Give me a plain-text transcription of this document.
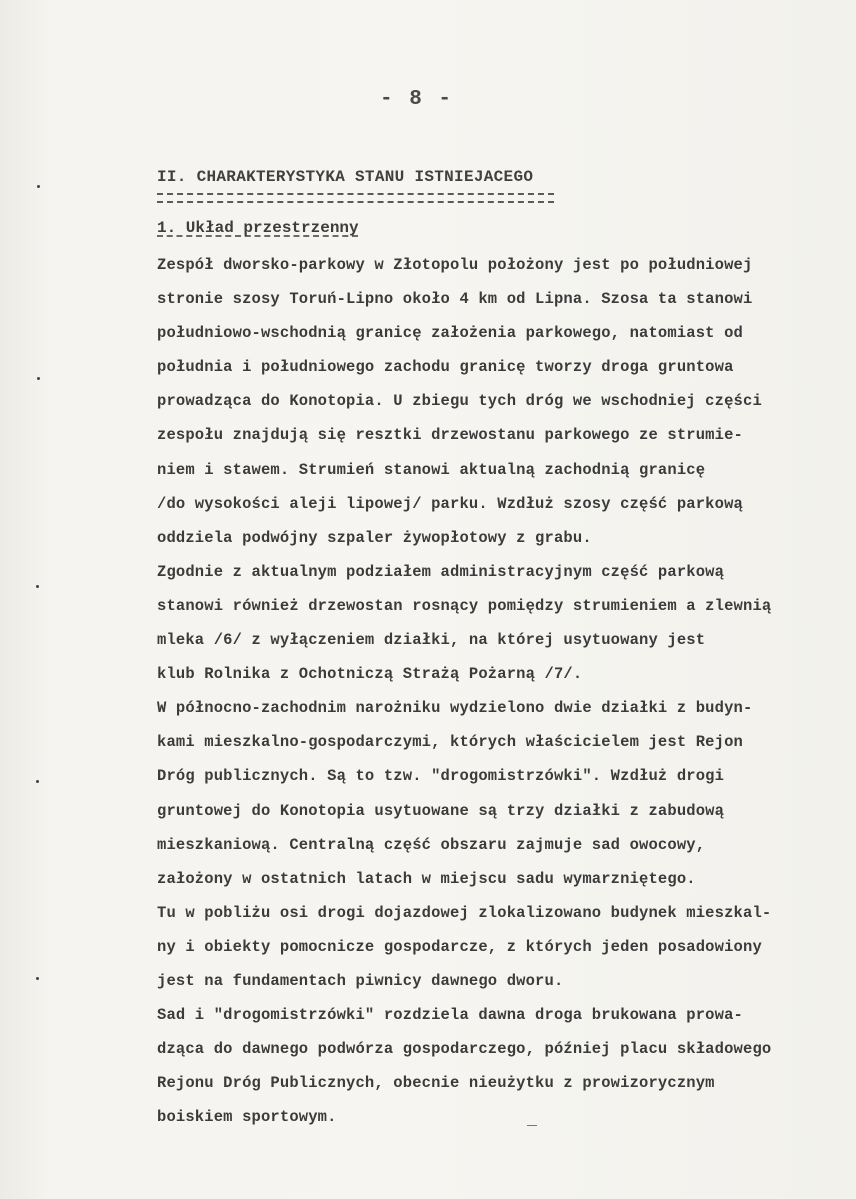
- 8 -
II. CHARAKTERYSTYKA STANU ISTNIEJACEGO
1. Układ przestrzenny
Zespół dworsko-parkowy w Złotopolu położony jest po południowej
stronie szosy Toruń-Lipno około 4 km od Lipna. Szosa ta stanowi
południowo-wschodnią granicę założenia parkowego, natomiast od
południa i południowego zachodu granicę tworzy droga gruntowa
prowadząca do Konotopia. U zbiegu tych dróg we wschodniej części
zespołu znajdują się resztki drzewostanu parkowego ze strumie-
niem i stawem. Strumień stanowi aktualną zachodnią granicę
/do wysokości aleji lipowej/ parku. Wzdłuż szosy część parkową
oddziela podwójny szpaler żywopłotowy z grabu.
Zgodnie z aktualnym podziałem administracyjnym część parkową
stanowi również drzewostan rosnący pomiędzy strumieniem a zlewnią
mleka /6/ z wyłączeniem działki, na której usytuowany jest
klub Rolnika z Ochotniczą Strażą Pożarną /7/.
W północno-zachodnim narożniku wydzielono dwie działki z budyn-
kami mieszkalno-gospodarczymi, których właścicielem jest Rejon
Dróg publicznych. Są to tzw. "drogomistrzówki". Wzdłuż drogi
gruntowej do Konotopia usytuowane są trzy działki z zabudową
mieszkaniową. Centralną część obszaru zajmuje sad owocowy,
założony w ostatnich latach w miejscu sadu wymarzniętego.
Tu w pobliżu osi drogi dojazdowej zlokalizowano budynek mieszkal-
ny i obiekty pomocnicze gospodarcze, z których jeden posadowiony
jest na fundamentach piwnicy dawnego dworu.
Sad i "drogomistrzówki" rozdziela dawna droga brukowana prowa-
dząca do dawnego podwórza gospodarczego, później placu składowego
Rejonu Dróg Publicznych, obecnie nieużytku z prowizorycznym
boiskiem sportowym.
